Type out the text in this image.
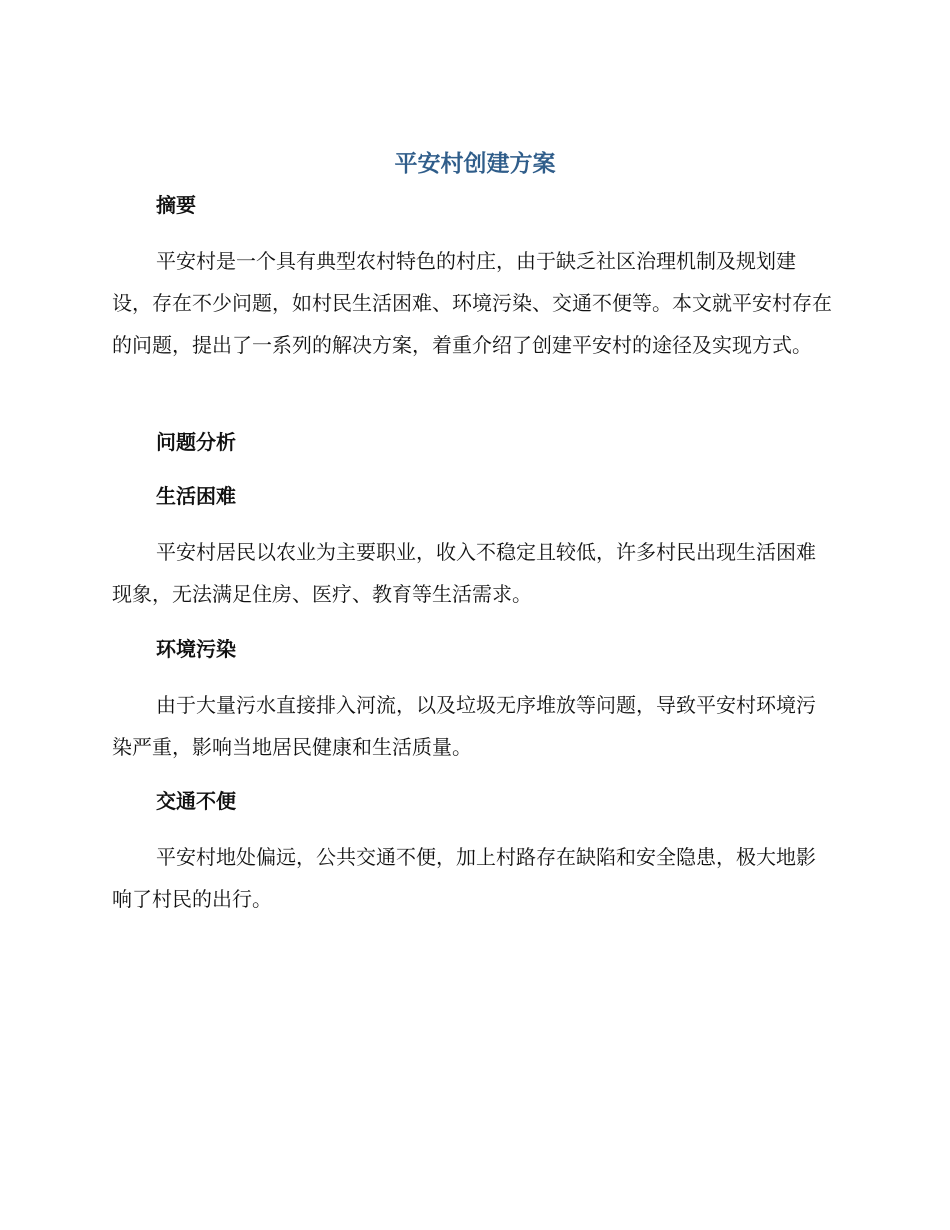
平安村创建方案
摘要

平安村是一个具有典型农村特色的村庄，由于缺乏社区治理机制及规划建设，存在不少问题，如村民生活困难、环境污染、交通不便等。本文就平安村存在的问题，提出了一系列的解决方案，着重介绍了创建平安村的途径及实现方式。

问题分析
生活困难

平安村居民以农业为主要职业，收入不稳定且较低，许多村民出现生活困难现象，无法满足住房、医疗、教育等生活需求。

环境污染

由于大量污水直接排入河流，以及垃圾无序堆放等问题，导致平安村环境污染严重，影响当地居民健康和生活质量。

交通不便

平安村地处偏远，公共交通不便，加上村路存在缺陷和安全隐患，极大地影响了村民的出行。
